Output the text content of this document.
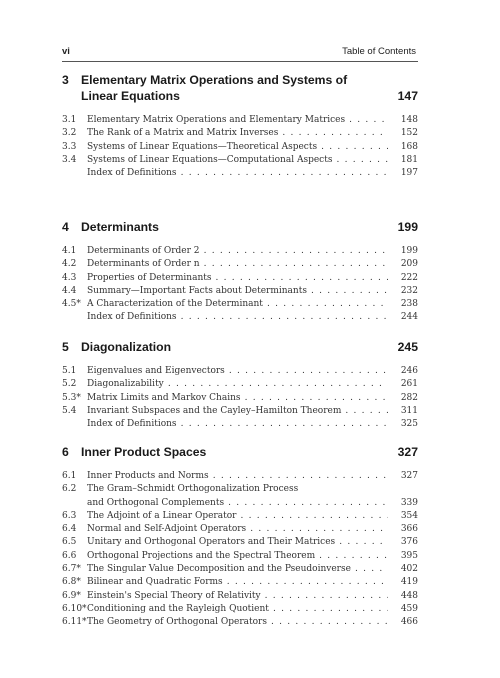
vi	Table of Contents
3 Elementary Matrix Operations and Systems of Linear Equations	147
3.1 Elementary Matrix Operations and Elementary Matrices . . .	148
3.2 The Rank of a Matrix and Matrix Inverses . . .	152
3.3 Systems of Linear Equations—Theoretical Aspects . . .	168
3.4 Systems of Linear Equations—Computational Aspects . . .	181
Index of Definitions . . .	197
4 Determinants	199
4.1 Determinants of Order 2 . . .	199
4.2 Determinants of Order n . . .	209
4.3 Properties of Determinants . . .	222
4.4 Summary—Important Facts about Determinants . . .	232
4.5* A Characterization of the Determinant . . .	238
Index of Definitions . . .	244
5 Diagonalization	245
5.1 Eigenvalues and Eigenvectors . . .	246
5.2 Diagonalizability . . .	261
5.3* Matrix Limits and Markov Chains . . .	282
5.4 Invariant Subspaces and the Cayley–Hamilton Theorem . . .	311
Index of Definitions . . .	325
6 Inner Product Spaces	327
6.1 Inner Products and Norms . . .	327
6.2 The Gram–Schmidt Orthogonalization Process
and Orthogonal Complements . . .	339
6.3 The Adjoint of a Linear Operator . . .	354
6.4 Normal and Self-Adjoint Operators . . .	366
6.5 Unitary and Orthogonal Operators and Their Matrices . . .	376
6.6 Orthogonal Projections and the Spectral Theorem . . .	395
6.7* The Singular Value Decomposition and the Pseudoinverse . . .	402
6.8* Bilinear and Quadratic Forms . . .	419
6.9* Einstein's Special Theory of Relativity . . .	448
6.10* Conditioning and the Rayleigh Quotient . . .	459
6.11* The Geometry of Orthogonal Operators . . .	466
